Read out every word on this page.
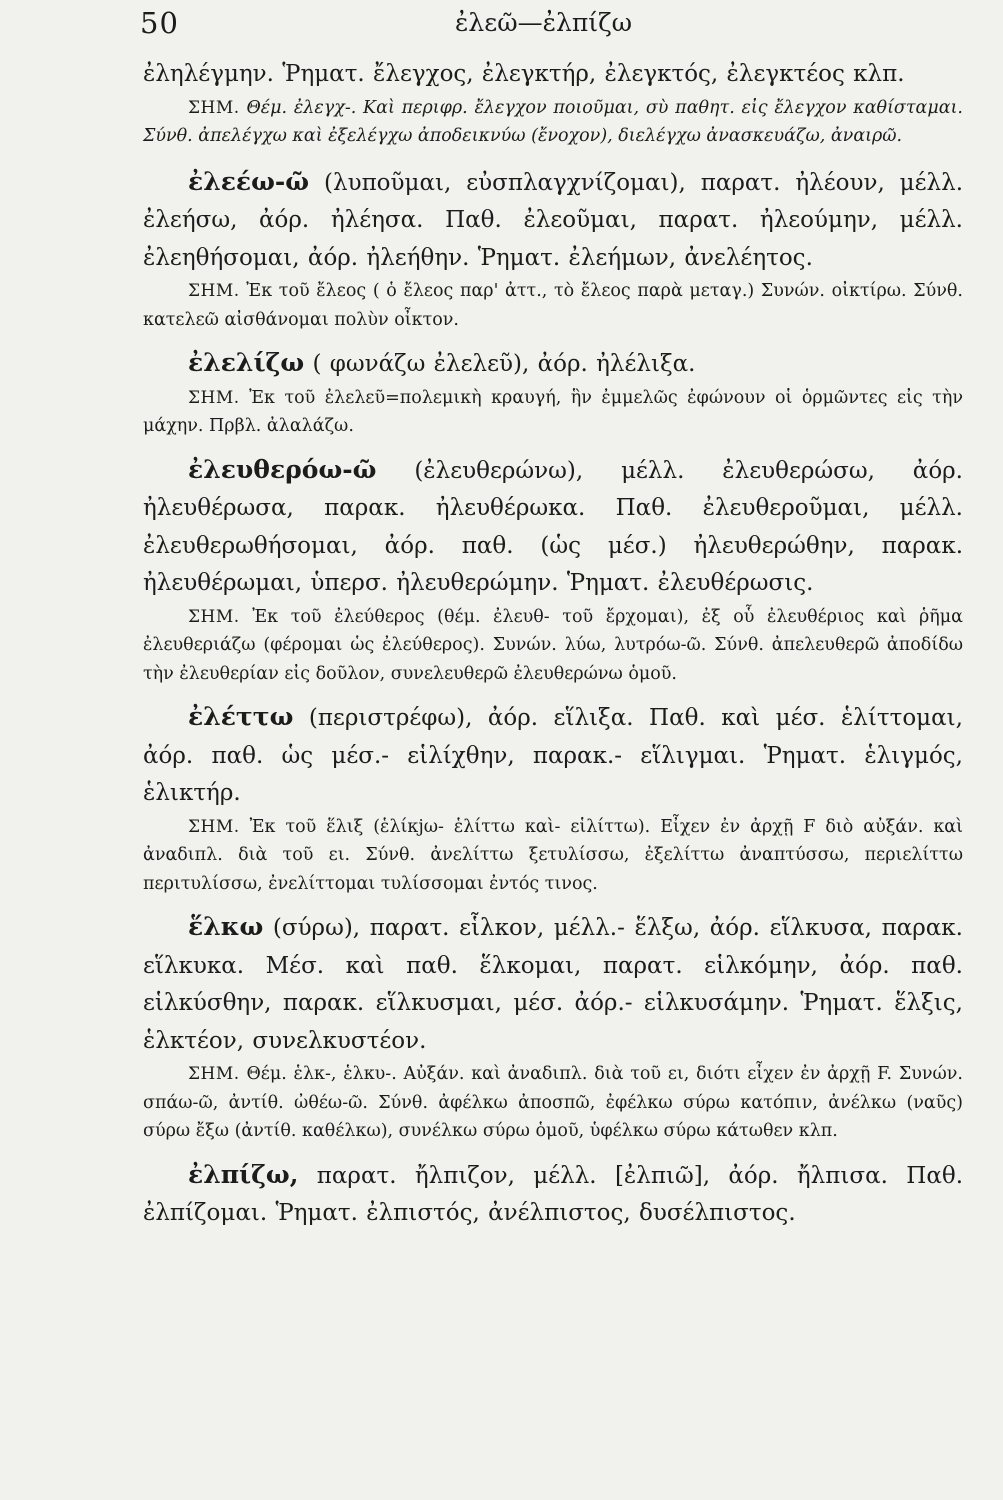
50	ἐλεῶ—ἐλπίζω

ἐληλέγμην. Ῥηματ. ἔλεγχος, ἐλεγκτήρ, ἐλεγκτός, ἐλεγκτέος κλπ.

ΣΗΜ. Θέμ. ἐλεγχ-. Καὶ περιφρ. ἔλεγχον ποιοῦμαι, σὺ παθητ. εἰς ἔλεγχον καθίσταμαι. Σύνθ. ἀπελέγχω καὶ ἐξελέγχω ἀποδεικνύω (ἔνοχον), διελέγχω ἀνασκευάζω, ἀναιρῶ.

ἐλεέω-ῶ (λυποῦμαι, εὐσπλαγχνίζομαι), παρατ. ἠλέουν, μέλλ. ἐλεήσω, ἀόρ. ἠλέησα. Παθ. ἐλεοῦμαι, παρατ. ἠλεούμην, μέλλ. ἐλεηθήσομαι, ἀόρ. ἠλεήθην. Ῥηματ. ἐλεήμων, ἀνελέητος.

ΣΗΜ. Ἐκ τοῦ ἔλεος ( ὁ ἔλεος παρ' ἀττ., τὸ ἔλεος παρὰ μεταγ.) Συνών. οἰκτίρω. Σύνθ. κατελεῶ αἰσθάνομαι πολὺν οἶκτον.

ἐλελίζω ( φωνάζω ἐλελεῦ), ἀόρ. ἠλέλιξα.

ΣΗΜ. Ἐκ τοῦ ἐλελεῦ=πολεμικὴ κραυγή, ἣν ἐμμελῶς ἐφώνουν οἱ ὁρμῶντες εἰς τὴν μάχην. Πρβλ. ἀλαλάζω.

ἐλευθερόω-ῶ (ἐλευθερώνω), μέλλ. ἐλευθερώσω, ἀόρ. ἠλευθέρωσα, παρακ. ἠλευθέρωκα. Παθ. ἐλευθεροῦμαι, μέλλ. ἐλευθερωθήσομαι, ἀόρ. παθ. (ὡς μέσ.) ἠλευθερώθην, παρακ. ἠλευθέρωμαι, ὑπερσ. ἠλευθερώμην. Ῥηματ. ἐλευθέρωσις.

ΣΗΜ. Ἐκ τοῦ ἐλεύθερος (θέμ. ἐλευθ- τοῦ ἔρχομαι), ἐξ οὗ ἐλευθέριος καὶ ῥῆμα ἐλευθεριάζω (φέρομαι ὡς ἐλεύθερος). Συνών. λύω, λυτρόω-ῶ. Σύνθ. ἀπελευθερῶ ἀποδίδω τὴν ἐλευθερίαν εἰς δοῦλον, συνελευθερῶ ἐλευθερώνω ὁμοῦ.

ἐλέττω (περιστρέφω), ἀόρ. εἵλιξα. Παθ. καὶ μέσ. ἑλίττομαι, ἀόρ. παθ. ὡς μέσ.- εἱλίχθην, παρακ.- εἵλιγμαι. Ῥηματ. ἑλιγμός, ἑλικτήρ.

ΣΗΜ. Ἐκ τοῦ ἕλιξ (ἑλίκjω- ἑλίττω καὶ- εἱλίττω). Εἶχεν ἐν ἀρχῇ F διὸ αὐξάν. καὶ ἀναδιπλ. διὰ τοῦ ει. Σύνθ. ἀνελίττω ξετυλίσσω, ἐξελίττω ἀναπτύσσω, περιελίττω περιτυλίσσω, ἐνελίττομαι τυλίσσομαι ἐντός τινος.

ἕλκω (σύρω), παρατ. εἷλκον, μέλλ.- ἕλξω, ἀόρ. εἵλκυσα, παρακ. εἵλκυκα. Μέσ. καὶ παθ. ἕλκομαι, παρατ. εἱλκόμην, ἀόρ. παθ. εἱλκύσθην, παρακ. εἵλκυσμαι, μέσ. ἀόρ.- εἱλκυσάμην. Ῥηματ. ἕλξις, ἑλκτέον, συνελκυστέον.

ΣΗΜ. Θέμ. ἑλκ-, ἑλκυ-. Αὐξάν. καὶ ἀναδιπλ. διὰ τοῦ ει, διότι εἶχεν ἐν ἀρχῇ F. Συνών. σπάω-ῶ, ἀντίθ. ὠθέω-ῶ. Σύνθ. ἀφέλκω ἀποσπῶ, ἐφέλκω σύρω κατόπιν, ἀνέλκω (ναῦς) σύρω ἔξω (ἀντίθ. καθέλκω), συνέλκω σύρω ὁμοῦ, ὑφέλκω σύρω κάτωθεν κλπ.

ἐλπίζω, παρατ. ἤλπιζον, μέλλ. [ἐλπιῶ], ἀόρ. ἤλπισα. Παθ. ἐλπίζομαι. Ῥηματ. ἐλπιστός, ἀνέλπιστος, δυσέλπιστος.
